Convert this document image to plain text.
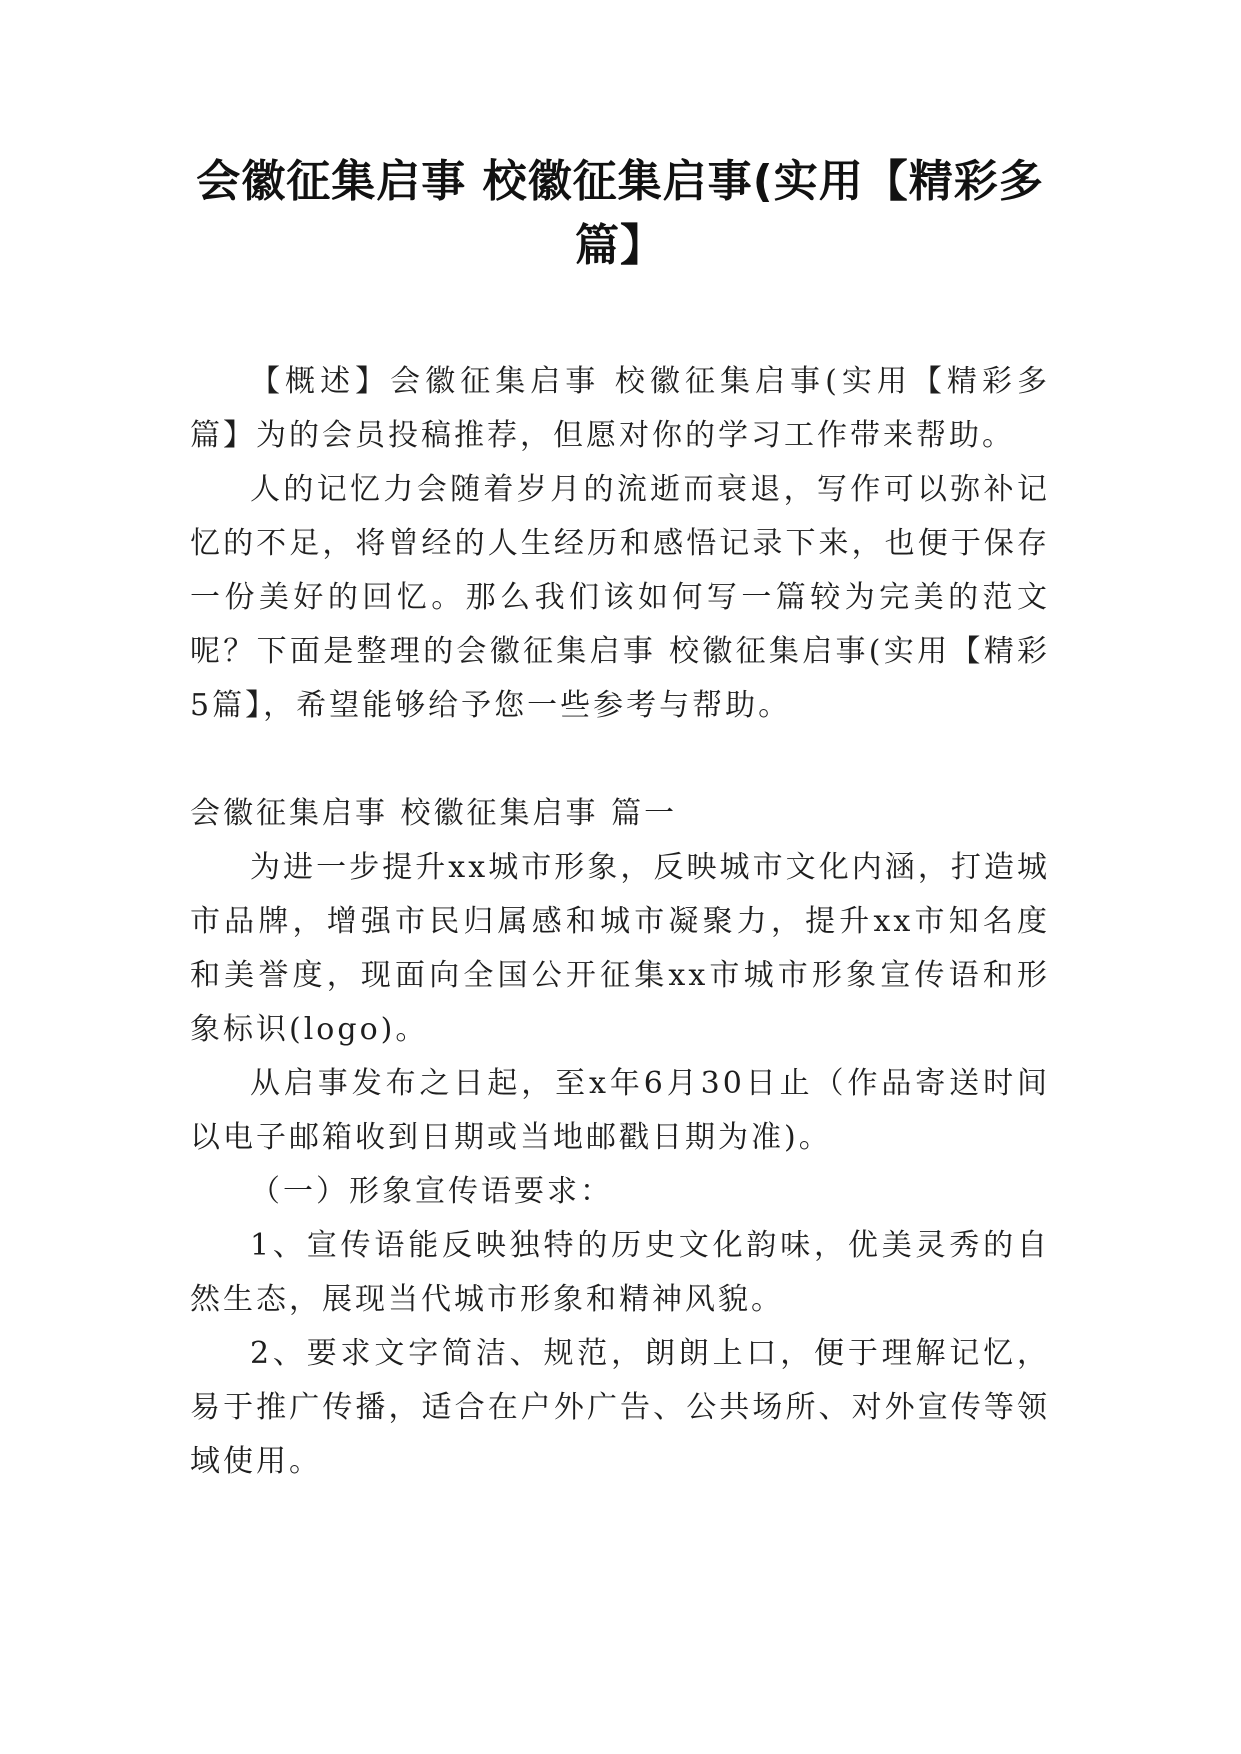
会徽征集启事 校徽征集启事(实用【精彩多篇】

【概述】会徽征集启事 校徽征集启事(实用【精彩多篇】为的会员投稿推荐，但愿对你的学习工作带来帮助。

人的记忆力会随着岁月的流逝而衰退，写作可以弥补记忆的不足，将曾经的人生经历和感悟记录下来，也便于保存一份美好的回忆。那么我们该如何写一篇较为完美的范文呢？下面是整理的会徽征集启事 校徽征集启事(实用【精彩5篇】，希望能够给予您一些参考与帮助。

会徽征集启事 校徽征集启事 篇一

为进一步提升xx城市形象，反映城市文化内涵，打造城市品牌，增强市民归属感和城市凝聚力，提升xx市知名度和美誉度，现面向全国公开征集xx市城市形象宣传语和形象标识(logo)。

从启事发布之日起，至x年6月30日止（作品寄送时间以电子邮箱收到日期或当地邮戳日期为准)。

（一）形象宣传语要求：

1、宣传语能反映独特的历史文化韵味，优美灵秀的自然生态，展现当代城市形象和精神风貌。

2、要求文字简洁、规范，朗朗上口，便于理解记忆，易于推广传播，适合在户外广告、公共场所、对外宣传等领域使用。
